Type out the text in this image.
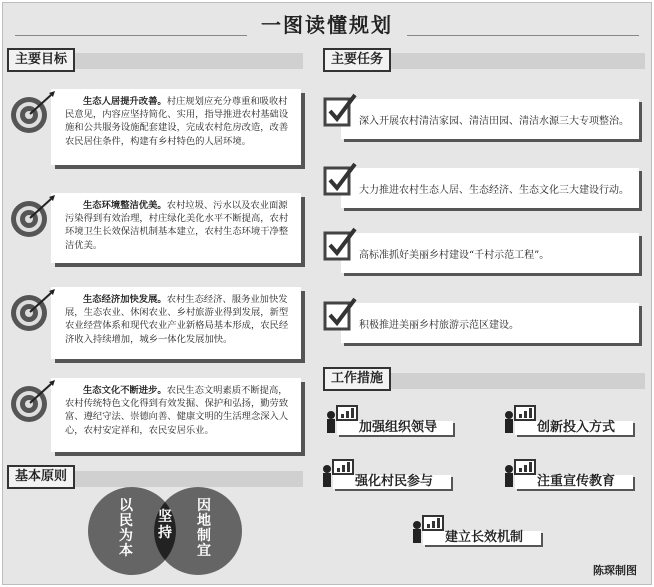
一图读懂规划
主要目标
生态人居提升改善。村庄规划应充分尊重和吸收村民意见，内容应坚持简化、实用，指导推进农村基础设施和公共服务设施配套建设，完成农村危房改造，改善农民居住条件，构建有乡村特色的人居环境。
生态环境整洁优美。农村垃圾、污水以及农业面源污染得到有效治理，村庄绿化美化水平不断提高，农村环境卫生长效保洁机制基本建立，农村生态环境干净整洁优美。
生态经济加快发展。农村生态经济、服务业加快发展，生态农业、休闲农业、乡村旅游业得到发展，新型农业经营体系和现代农业产业新格局基本形成，农民经济收入持续增加，城乡一体化发展加快。
生态文化不断进步。农民生态文明素质不断提高，农村传统特色文化得到有效发掘、保护和弘扬，勤劳致富、遵纪守法、崇德向善、健康文明的生活理念深入人心，农村安定祥和，农民安居乐业。
基本原则
以民为本
坚持
因地制宜
主要任务
深入开展农村清洁家园、清洁田园、清洁水源三大专项整治。
大力推进农村生态人居、生态经济、生态文化三大建设行动。
高标准抓好美丽乡村建设“千村示范工程”。
积极推进美丽乡村旅游示范区建设。
工作措施
加强组织领导	创新投入方式
强化村民参与	注重宣传教育
建立长效机制
陈琛制图
